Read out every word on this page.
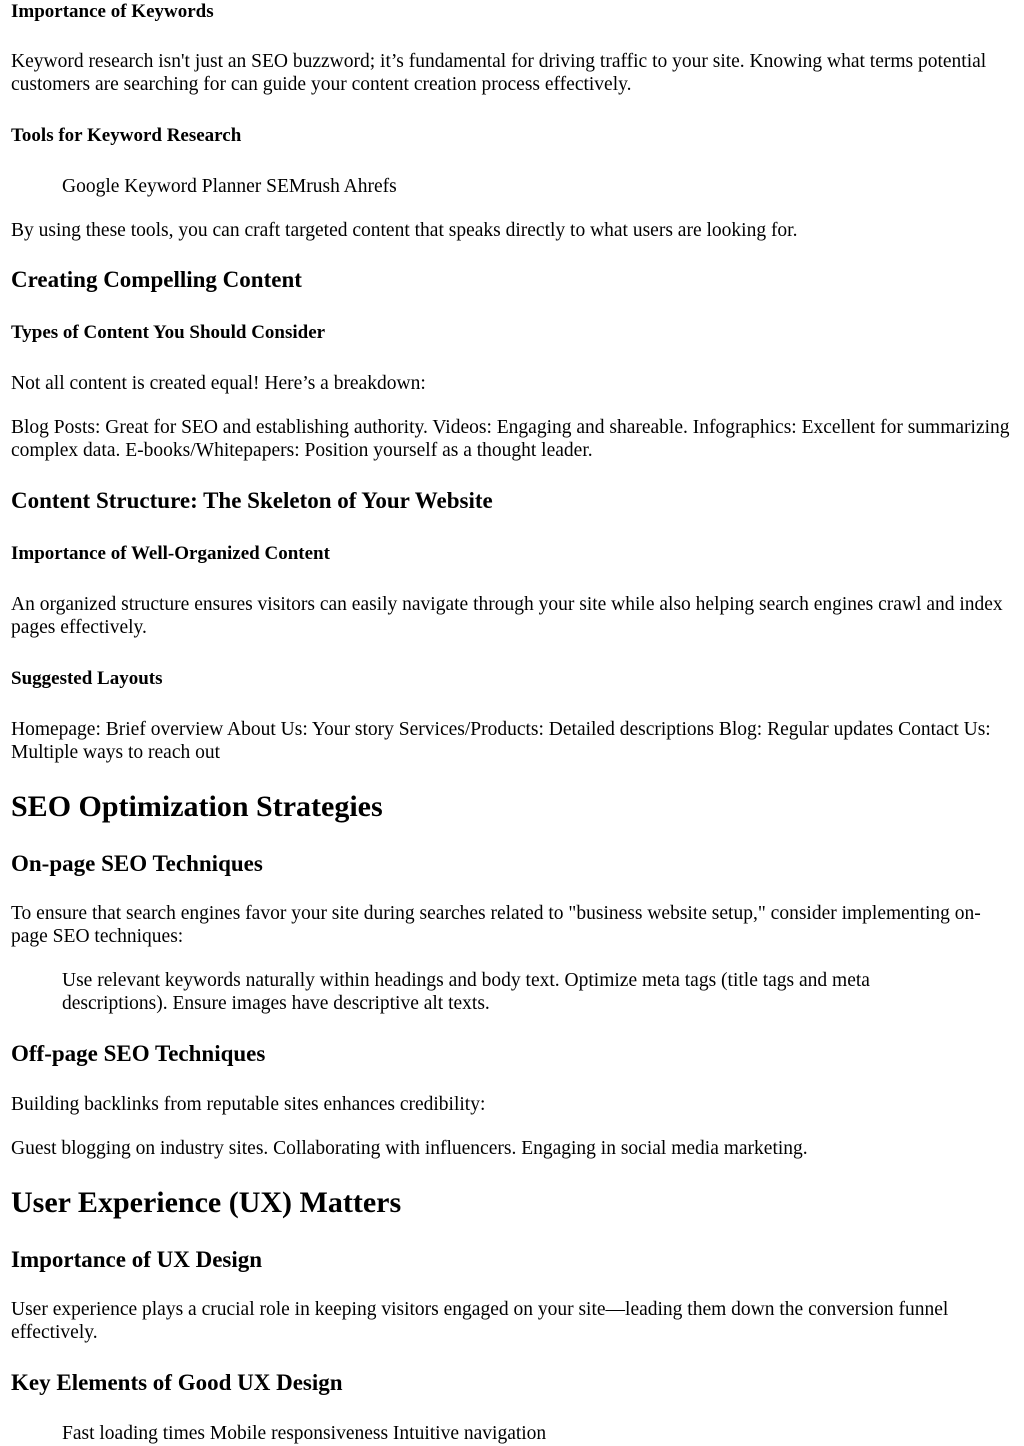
Importance of Keywords

Keyword research isn't just an SEO buzzword; it’s fundamental for driving traffic to your site. Knowing what terms potential customers are searching for can guide your content creation process effectively.

Tools for Keyword Research

Google Keyword Planner SEMrush Ahrefs

By using these tools, you can craft targeted content that speaks directly to what users are looking for.

Creating Compelling Content
Types of Content You Should Consider

Not all content is created equal! Here’s a breakdown:

Blog Posts: Great for SEO and establishing authority. Videos: Engaging and shareable. Infographics: Excellent for summarizing complex data. E-books/Whitepapers: Position yourself as a thought leader.

Content Structure: The Skeleton of Your Website
Importance of Well-Organized Content

An organized structure ensures visitors can easily navigate through your site while also helping search engines crawl and index pages effectively.

Suggested Layouts

Homepage: Brief overview About Us: Your story Services/Products: Detailed descriptions Blog: Regular updates Contact Us: Multiple ways to reach out

SEO Optimization Strategies
On-page SEO Techniques

To ensure that search engines favor your site during searches related to "business website setup," consider implementing on-page SEO techniques:

Use relevant keywords naturally within headings and body text. Optimize meta tags (title tags and meta descriptions). Ensure images have descriptive alt texts.

Off-page SEO Techniques

Building backlinks from reputable sites enhances credibility:

Guest blogging on industry sites. Collaborating with influencers. Engaging in social media marketing.

User Experience (UX) Matters
Importance of UX Design

User experience plays a crucial role in keeping visitors engaged on your site—leading them down the conversion funnel effectively.

Key Elements of Good UX Design

Fast loading times Mobile responsiveness Intuitive navigation
